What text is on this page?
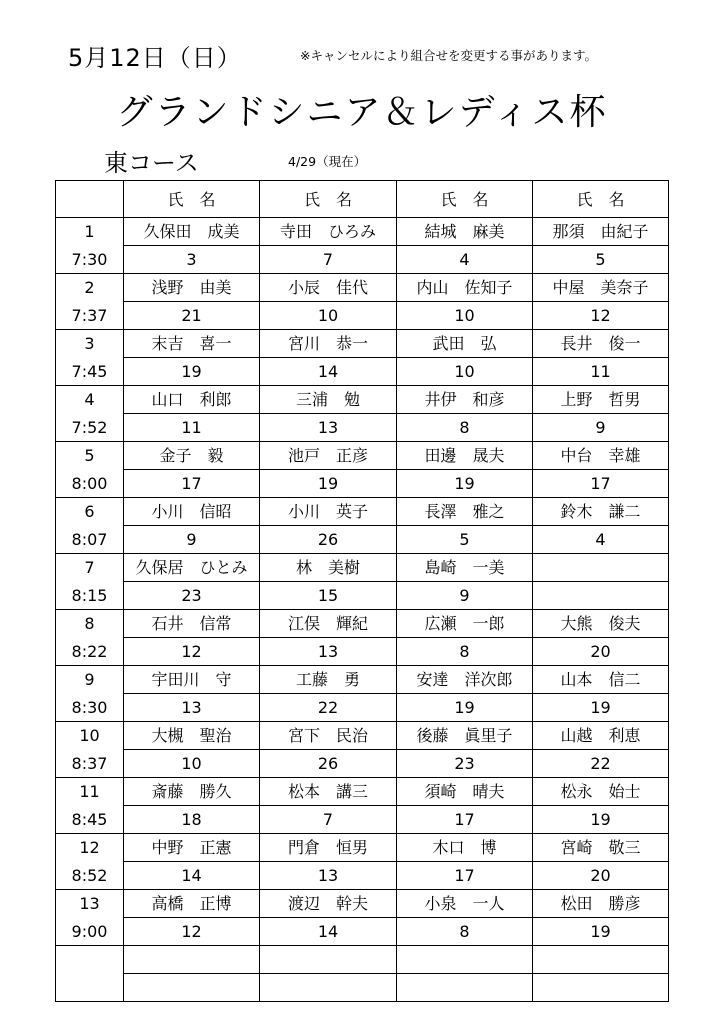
5月12日（日）	※キャンセルにより組合せを変更する事があります。
グランドシニア＆レディス杯
東コース	4/29（現在）
	氏　名	氏　名	氏　名	氏　名
1	久保田　成美	寺田　ひろみ	結城　麻美	那須　由紀子
7:30	3	7	4	5
2	浅野　由美	小辰　佳代	内山　佐知子	中屋　美奈子
7:37	21	10	10	12
3	末吉　喜一	宮川　恭一	武田　弘	長井　俊一
7:45	19	14	10	11
4	山口　利郎	三浦　勉	井伊　和彦	上野　哲男
7:52	11	13	8	9
5	金子　毅	池戸　正彦	田邊　晟夫	中台　幸雄
8:00	17	19	19	17
6	小川　信昭	小川　英子	長澤　雅之	鈴木　謙二
8:07	9	26	5	4
7	久保居　ひとみ	林　美樹	島崎　一美	
8:15	23	15	9	
8	石井　信常	江俣　輝紀	広瀬　一郎	大熊　俊夫
8:22	12	13	8	20
9	宇田川　守	工藤　勇	安達　洋次郎	山本　信二
8:30	13	22	19	19
10	大槻　聖治	宮下　民治	後藤　眞里子	山越　利恵
8:37	10	26	23	22
11	斎藤　勝久	松本　講三	須崎　晴夫	松永　始士
8:45	18	7	17	19
12	中野　正憲	門倉　恒男	木口　博	宮崎　敬三
8:52	14	13	17	20
13	高橋　正博	渡辺　幹夫	小泉　一人	松田　勝彦
9:00	12	14	8	19
